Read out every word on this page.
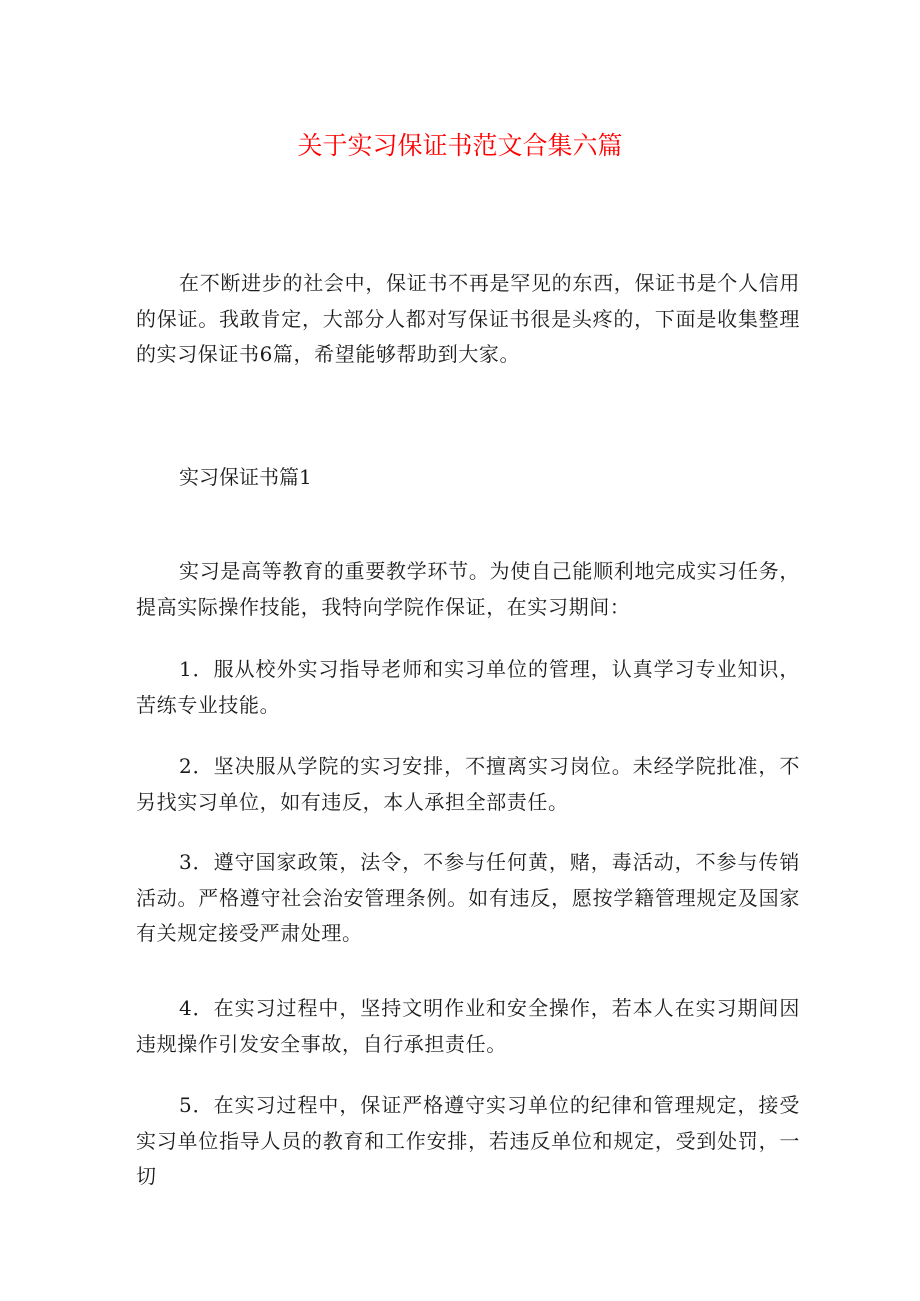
关于实习保证书范文合集六篇

在不断进步的社会中，保证书不再是罕见的东西，保证书是个人信用的保证。我敢肯定，大部分人都对写保证书很是头疼的，下面是收集整理的实习保证书6篇，希望能够帮助到大家。

实习保证书篇1

实习是高等教育的重要教学环节。为使自己能顺利地完成实习任务，提高实际操作技能，我特向学院作保证，在实习期间：

1．服从校外实习指导老师和实习单位的管理，认真学习专业知识，苦练专业技能。

2．坚决服从学院的实习安排，不擅离实习岗位。未经学院批准，不另找实习单位，如有违反，本人承担全部责任。

3．遵守国家政策，法令，不参与任何黄，赌，毒活动，不参与传销活动。严格遵守社会治安管理条例。如有违反，愿按学籍管理规定及国家有关规定接受严肃处理。

4．在实习过程中，坚持文明作业和安全操作，若本人在实习期间因违规操作引发安全事故，自行承担责任。

5．在实习过程中，保证严格遵守实习单位的纪律和管理规定，接受实习单位指导人员的教育和工作安排，若违反单位和规定，受到处罚，一切
